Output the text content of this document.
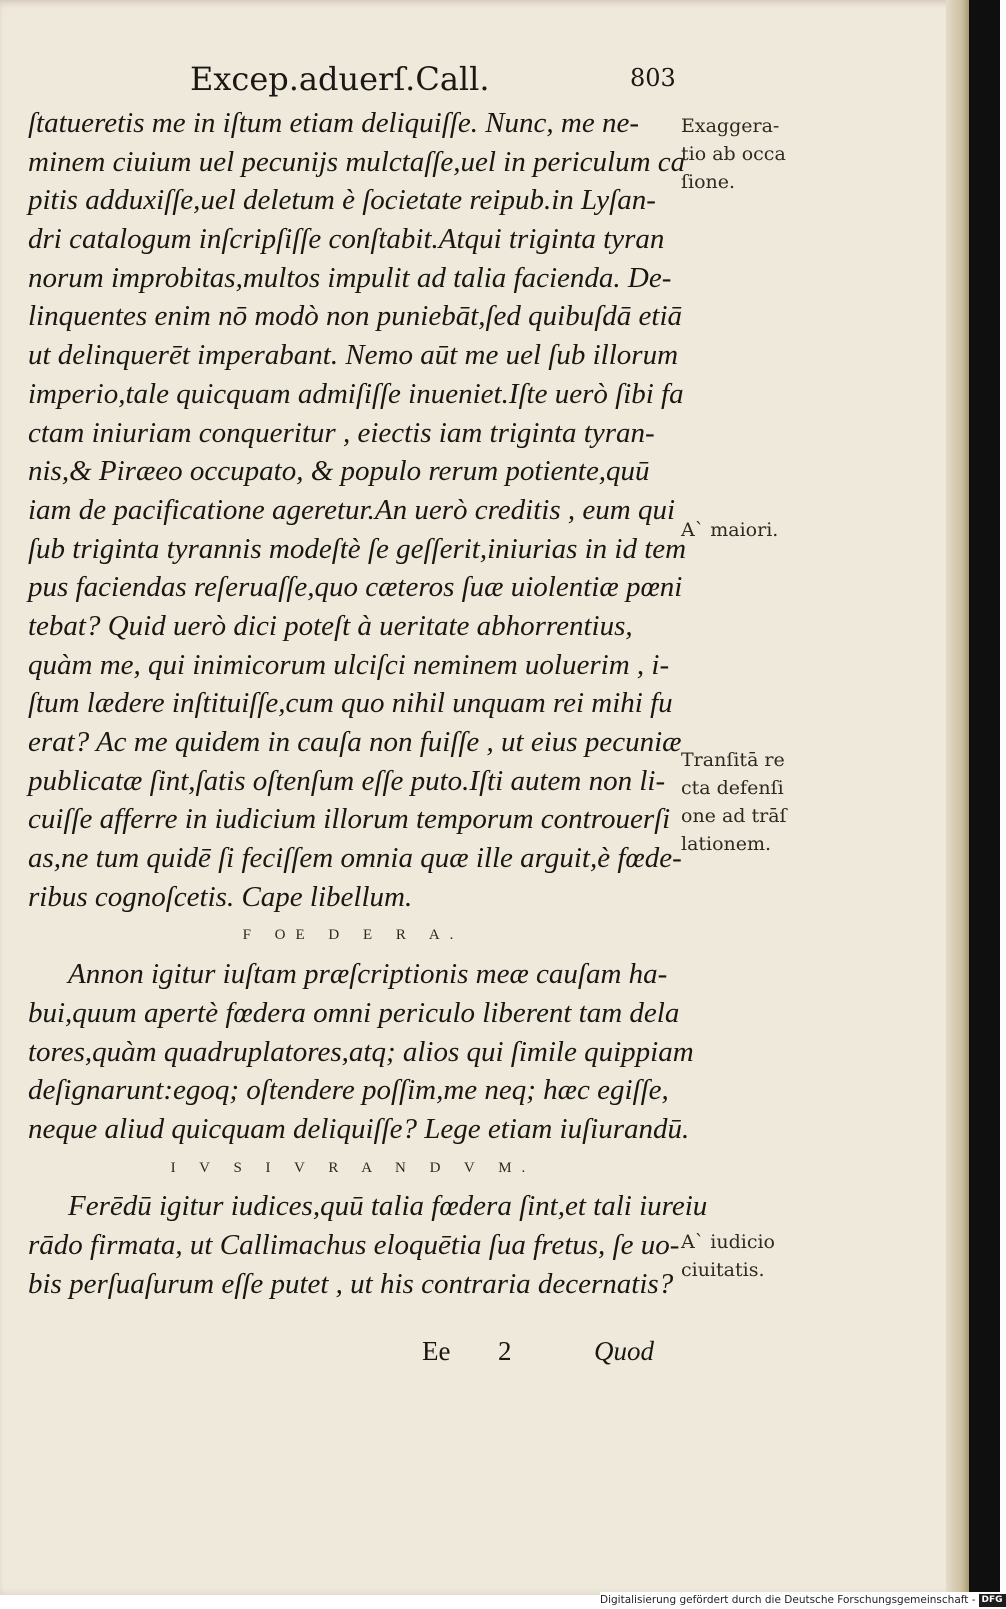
Excep.aduerſ.Call.	803
ſtatueretis me in iſtum etiam deliquiſſe. Nunc, me ne-
minem ciuium uel pecunijs mulctaſſe,uel in periculum ca
pitis adduxiſſe,uel deletum è ſocietate reipub.in Lyſan-
dri catalogum inſcripſiſſe conſtabit.Atqui triginta tyran
norum improbitas,multos impulit ad talia facienda. De-
linquentes enim nō modò non puniebāt,ſed quibuſdā etiā
ut delinquerēt imperabant. Nemo aūt me uel ſub illorum
imperio,tale quicquam admiſiſſe inueniet.Iſte uerò ſibi fa
ctam iniuriam conqueritur , eiectis iam triginta tyran-
nis,& Piræeo occupato, & populo rerum potiente,quū
iam de pacificatione ageretur.An uerò creditis , eum qui
ſub triginta tyrannis modeſtè ſe geſſerit,iniurias in id tem
pus faciendas reſeruaſſe,quo cæteros ſuæ uiolentiæ pœni
tebat? Quid uerò dici poteſt à ueritate abhorrentius,
quàm me, qui inimicorum ulciſci neminem uoluerim , i-
ſtum lædere inſtituiſſe,cum quo nihil unquam rei mihi fu
erat? Ac me quidem in cauſa non fuiſſe , ut eius pecuniæ
publicatæ ſint,ſatis oſtenſum eſſe puto.Iſti autem non li-
cuiſſe afferre in iudicium illorum temporum controuerſi
as,ne tum quidē ſi feciſſem omnia quæ ille arguit,è fœde-
ribus cognoſcetis. Cape libellum.
F OE D E R A.
Annon igitur iuſtam præſcriptionis meæ cauſam ha-
bui,quum apertè fœdera omni periculo liberent tam dela
tores,quàm quadruplatores,atq; alios qui ſimile quippiam
deſignarunt:egoq; oſtendere poſſim,me neq; hæc egiſſe,
neque aliud quicquam deliquiſſe? Lege etiam iuſiurandū.
I V S I V R A N D V M.
Ferēdū igitur iudices,quū talia fœdera ſint,et tali iureiu
rādo firmata, ut Callimachus eloquētia ſua fretus, ſe uo-
bis perſuaſurum eſſe putet , ut his contraria decernatis?
Exaggera-
tio ab occa
ſione.
A` maiori.
Tranſitā re
cta defenſi
one ad trāſ
lationem.
A` iudicio
ciuitatis.
Ee 2	Quod
Digitalisierung gefördert durch die Deutsche Forschungsgemeinschaft - DFG
